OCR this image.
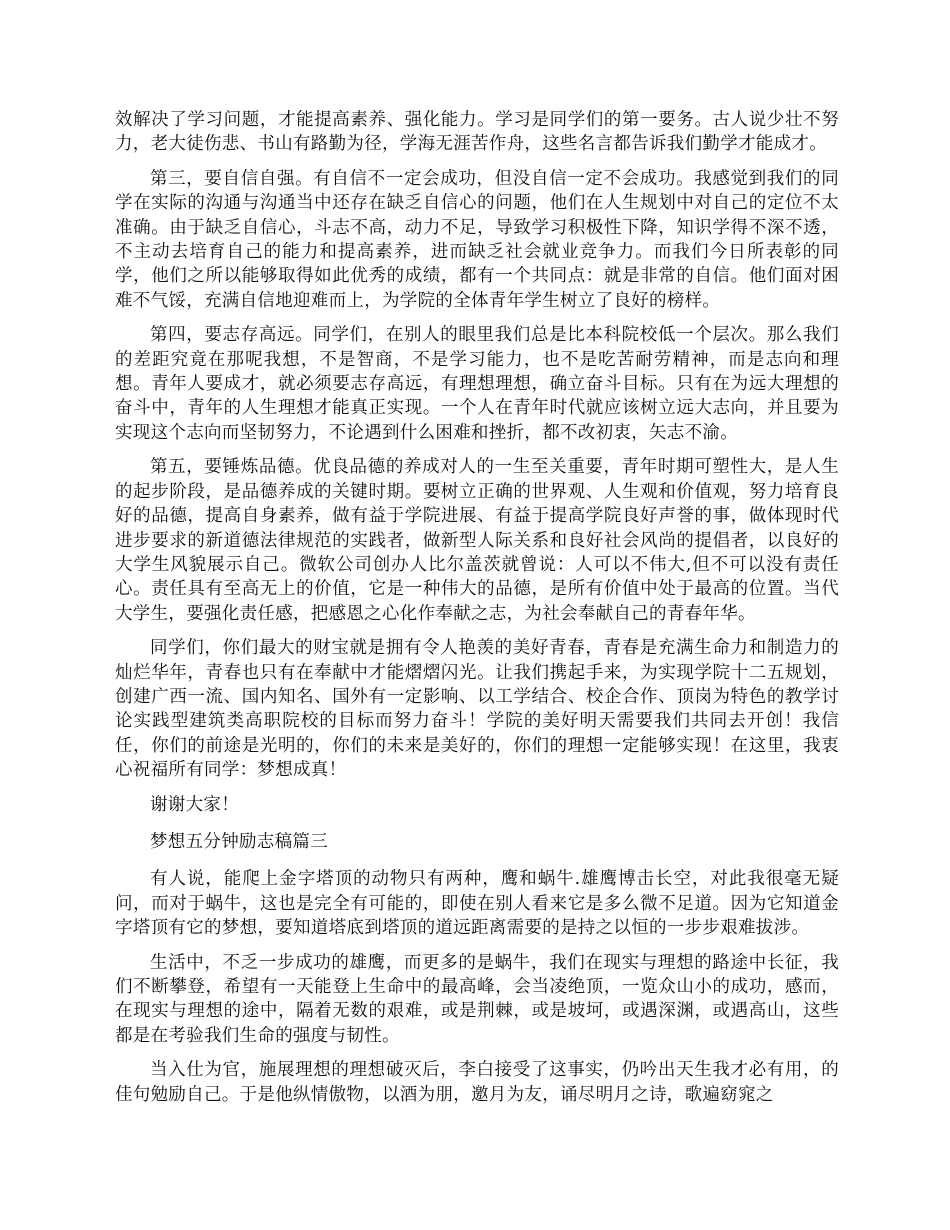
效解决了学习问题，才能提高素养、强化能力。学习是同学们的第一要务。古人说少壮不努力，老大徒伤悲、书山有路勤为径，学海无涯苦作舟，这些名言都告诉我们勤学才能成才。

第三，要自信自强。有自信不一定会成功，但没自信一定不会成功。我感觉到我们的同学在实际的沟通与沟通当中还存在缺乏自信心的问题，他们在人生规划中对自己的定位不太准确。由于缺乏自信心，斗志不高，动力不足，导致学习积极性下降，知识学得不深不透，不主动去培育自己的能力和提高素养，进而缺乏社会就业竞争力。而我们今日所表彰的同学，他们之所以能够取得如此优秀的成绩，都有一个共同点：就是非常的自信。他们面对困难不气馁，充满自信地迎难而上，为学院的全体青年学生树立了良好的榜样。

第四，要志存高远。同学们，在别人的眼里我们总是比本科院校低一个层次。那么我们的差距究竟在那呢我想，不是智商，不是学习能力，也不是吃苦耐劳精神，而是志向和理想。青年人要成才，就必须要志存高远，有理想理想，确立奋斗目标。只有在为远大理想的奋斗中，青年的人生理想才能真正实现。一个人在青年时代就应该树立远大志向，并且要为实现这个志向而坚韧努力，不论遇到什么困难和挫折，都不改初衷，矢志不渝。

第五，要锤炼品德。优良品德的养成对人的一生至关重要，青年时期可塑性大，是人生的起步阶段，是品德养成的关键时期。要树立正确的世界观、人生观和价值观，努力培育良好的品德，提高自身素养，做有益于学院进展、有益于提高学院良好声誉的事，做体现时代进步要求的新道德法律规范的实践者，做新型人际关系和良好社会风尚的提倡者，以良好的大学生风貌展示自己。微软公司创办人比尔盖茨就曾说：人可以不伟大,但不可以没有责任心。责任具有至高无上的价值，它是一种伟大的品德，是所有价值中处于最高的位置。当代大学生，要强化责任感，把感恩之心化作奉献之志，为社会奉献自己的青春年华。

同学们，你们最大的财宝就是拥有令人艳羡的美好青春，青春是充满生命力和制造力的灿烂华年，青春也只有在奉献中才能熠熠闪光。让我们携起手来，为实现学院十二五规划，创建广西一流、国内知名、国外有一定影响、以工学结合、校企合作、顶岗为特色的教学讨论实践型建筑类高职院校的目标而努力奋斗！学院的美好明天需要我们共同去开创！我信任，你们的前途是光明的，你们的未来是美好的，你们的理想一定能够实现！在这里，我衷心祝福所有同学：梦想成真！

谢谢大家！

梦想五分钟励志稿篇三

有人说，能爬上金字塔顶的动物只有两种，鹰和蜗牛.雄鹰博击长空，对此我很毫无疑问，而对于蜗牛，这也是完全有可能的，即使在别人看来它是多么微不足道。因为它知道金字塔顶有它的梦想，要知道塔底到塔顶的道远距离需要的是持之以恒的一步步艰难拔涉。

生活中，不乏一步成功的雄鹰，而更多的是蜗牛，我们在现实与理想的路途中长征，我们不断攀登，希望有一天能登上生命中的最高峰，会当凌绝顶，一览众山小的成功，感而，在现实与理想的途中，隔着无数的艰难，或是荆棘，或是坡坷，或遇深渊，或遇高山，这些都是在考验我们生命的强度与韧性。

当入仕为官，施展理想的理想破灭后，李白接受了这事实，仍吟出天生我才必有用，的佳句勉励自己。于是他纵情傲物，以酒为朋，邀月为友，诵尽明月之诗，歌遍窈窕之
